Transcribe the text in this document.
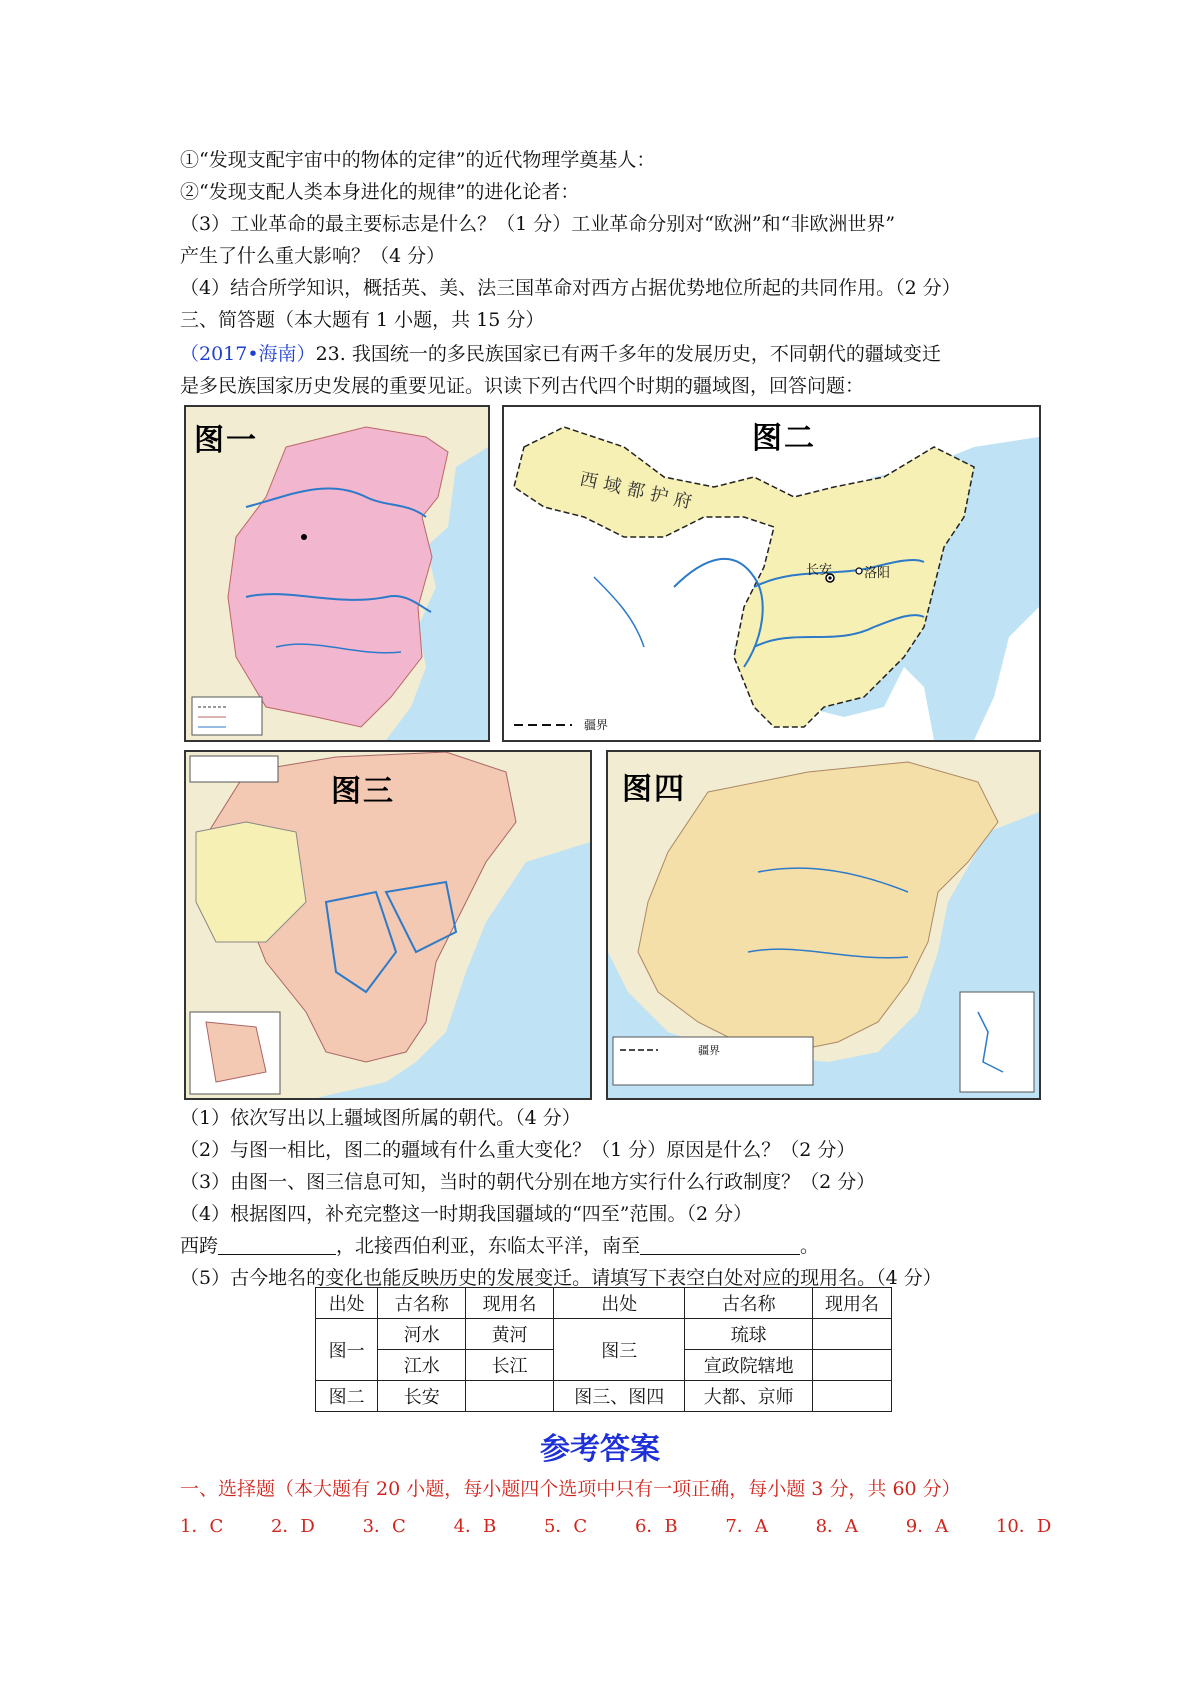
①“发现支配宇宙中的物体的定律”的近代物理学奠基人：
②“发现支配人类本身进化的规律”的进化论者：
（3）工业革命的最主要标志是什么？（1 分）工业革命分别对“欧洲”和“非欧洲世界”
产生了什么重大影响？（4 分）
（4）结合所学知识，概括英、美、法三国革命对西方占据优势地位所起的共同作用。（2 分）
三、简答题（本大题有 1 小题，共 15 分）
（2017•海南）23. 我国统一的多民族国家已有两千多年的发展历史，不同朝代的疆域变迁
是多民族国家历史发展的重要见证。识读下列古代四个时期的疆域图，回答问题：
图一	图二
西域都护府
长安 洛阳
疆界
图三	图四
疆界
（1）依次写出以上疆域图所属的朝代。（4 分）
（2）与图一相比，图二的疆域有什么重大变化？（1 分）原因是什么？（2 分）
（3）由图一、图三信息可知，当时的朝代分别在地方实行什么行政制度？（2 分）
（4）根据图四，补充完整这一时期我国疆域的“四至”范围。（2 分）
西跨	，北接西伯利亚，东临太平洋，南至	。
（5）古今地名的变化也能反映历史的发展变迁。请填写下表空白处对应的现用名。（4 分）
出处	古名称	现用名	出处	古名称	现用名
图一	河水	黄河	图三	琉球	
	江水	长江		宣政院辖地	
图二	长安		图三、图四	大都、京师	
参考答案
一、选择题（本大题有 20 小题，每小题四个选项中只有一项正确，每小题 3 分，共 60 分）
1．C	2．D	3．C	4．B	5．C	6．B	7．A	8．A	9．A	10．D
